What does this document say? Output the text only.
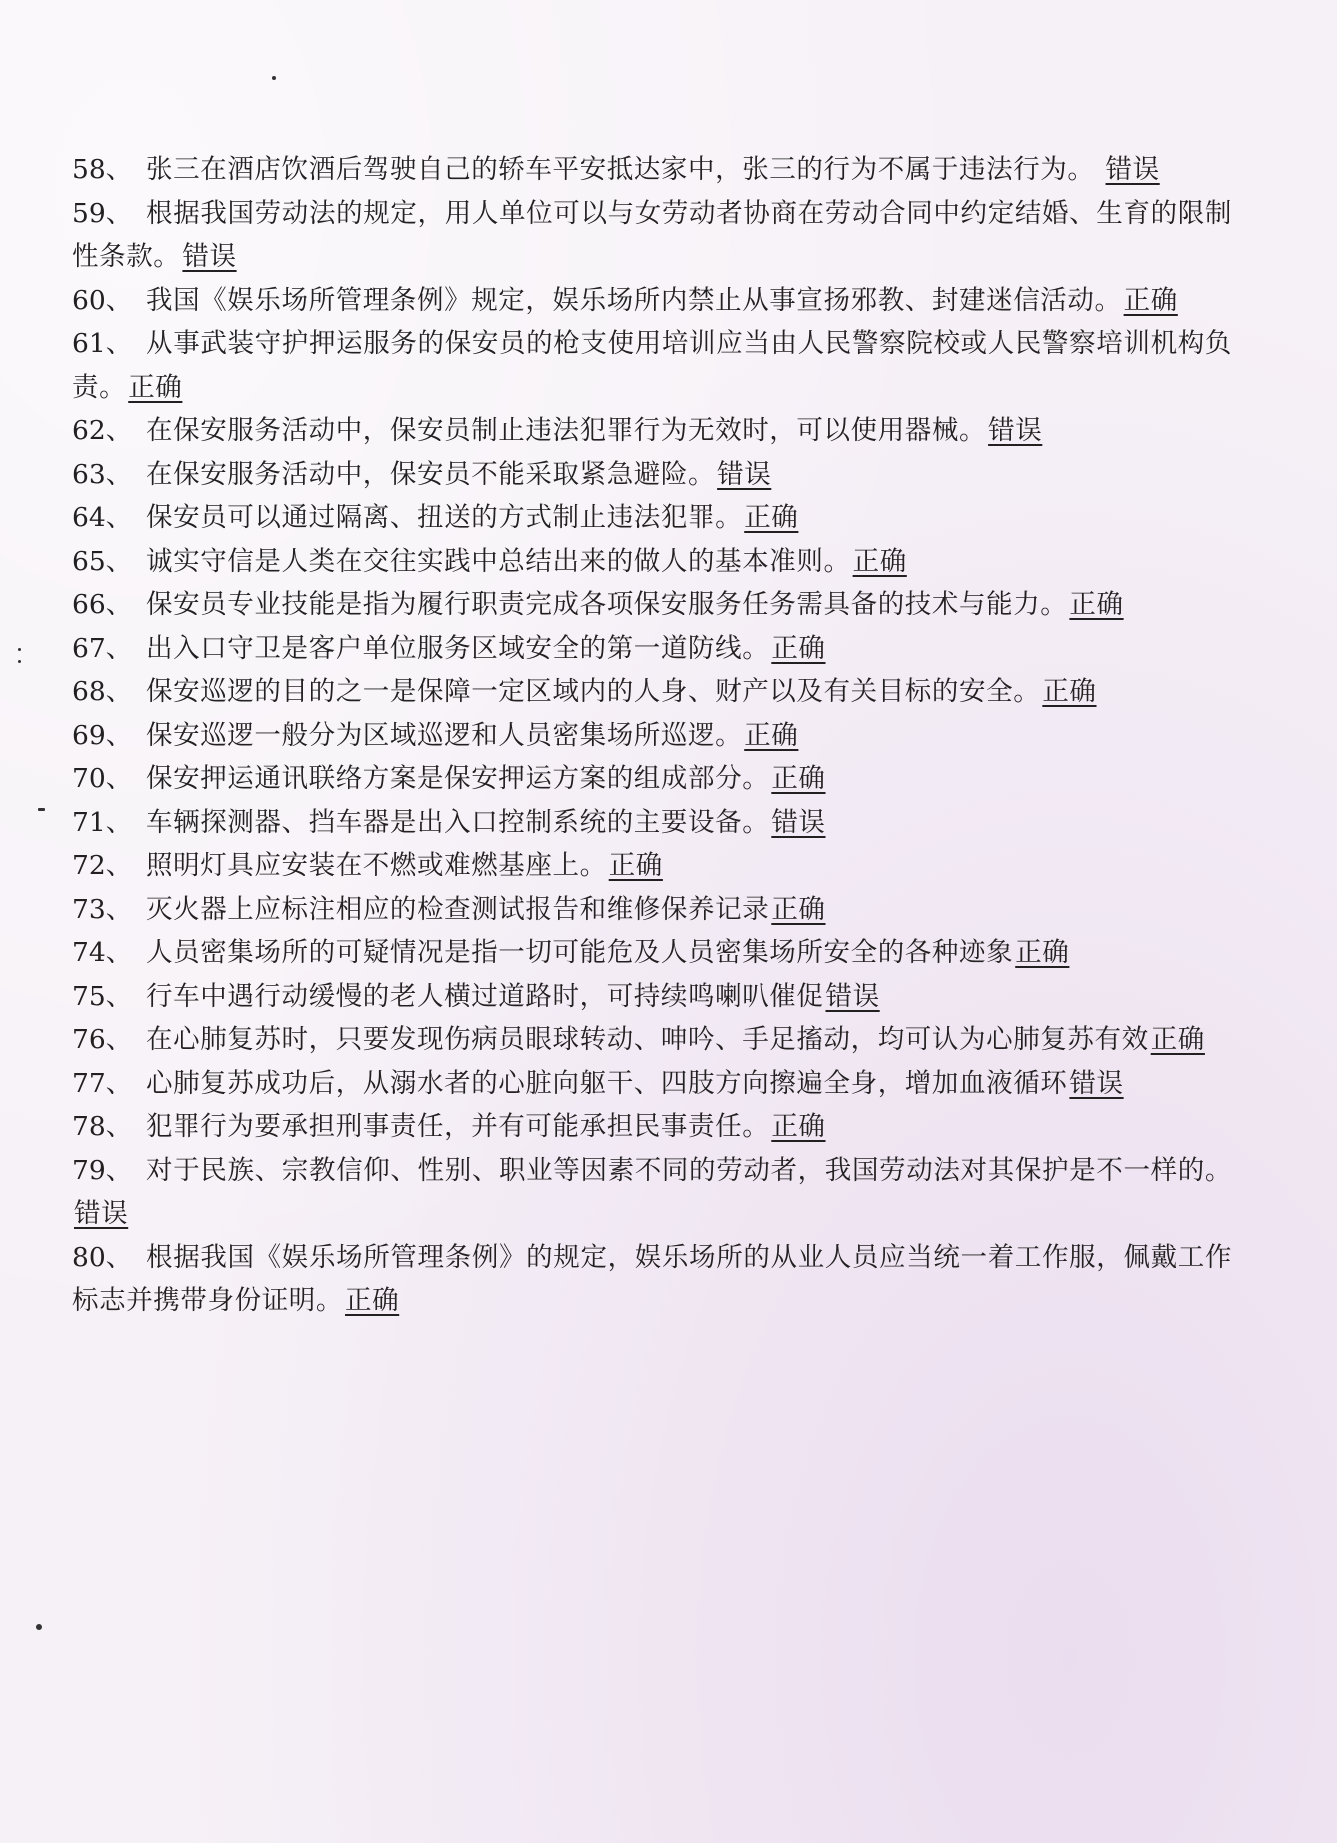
58、 张三在酒店饮酒后驾驶自己的轿车平安抵达家中，张三的行为不属于违法行为。 错误

59、 根据我国劳动法的规定，用人单位可以与女劳动者协商在劳动合同中约定结婚、生育的限制性条款。错误

60、 我国《娱乐场所管理条例》规定，娱乐场所内禁止从事宣扬邪教、封建迷信活动。正确

61、 从事武装守护押运服务的保安员的枪支使用培训应当由人民警察院校或人民警察培训机构负责。正确

62、 在保安服务活动中，保安员制止违法犯罪行为无效时，可以使用器械。错误

63、 在保安服务活动中，保安员不能采取紧急避险。错误

64、 保安员可以通过隔离、扭送的方式制止违法犯罪。正确

65、 诚实守信是人类在交往实践中总结出来的做人的基本准则。正确

66、 保安员专业技能是指为履行职责完成各项保安服务任务需具备的技术与能力。正确

67、 出入口守卫是客户单位服务区域安全的第一道防线。正确

68、 保安巡逻的目的之一是保障一定区域内的人身、财产以及有关目标的安全。正确

69、 保安巡逻一般分为区域巡逻和人员密集场所巡逻。正确

70、 保安押运通讯联络方案是保安押运方案的组成部分。正确

71、 车辆探测器、挡车器是出入口控制系统的主要设备。错误

72、 照明灯具应安装在不燃或难燃基座上。正确

73、 灭火器上应标注相应的检查测试报告和维修保养记录正确

74、 人员密集场所的可疑情况是指一切可能危及人员密集场所安全的各种迹象正确

75、 行车中遇行动缓慢的老人横过道路时，可持续鸣喇叭催促错误

76、 在心肺复苏时，只要发现伤病员眼球转动、呻吟、手足搐动，均可认为心肺复苏有效正确

77、 心肺复苏成功后，从溺水者的心脏向躯干、四肢方向擦遍全身，增加血液循环错误

78、 犯罪行为要承担刑事责任，并有可能承担民事责任。正确

79、 对于民族、宗教信仰、性别、职业等因素不同的劳动者，我国劳动法对其保护是不一样的。错误

80、 根据我国《娱乐场所管理条例》的规定，娱乐场所的从业人员应当统一着工作服，佩戴工作标志并携带身份证明。正确
